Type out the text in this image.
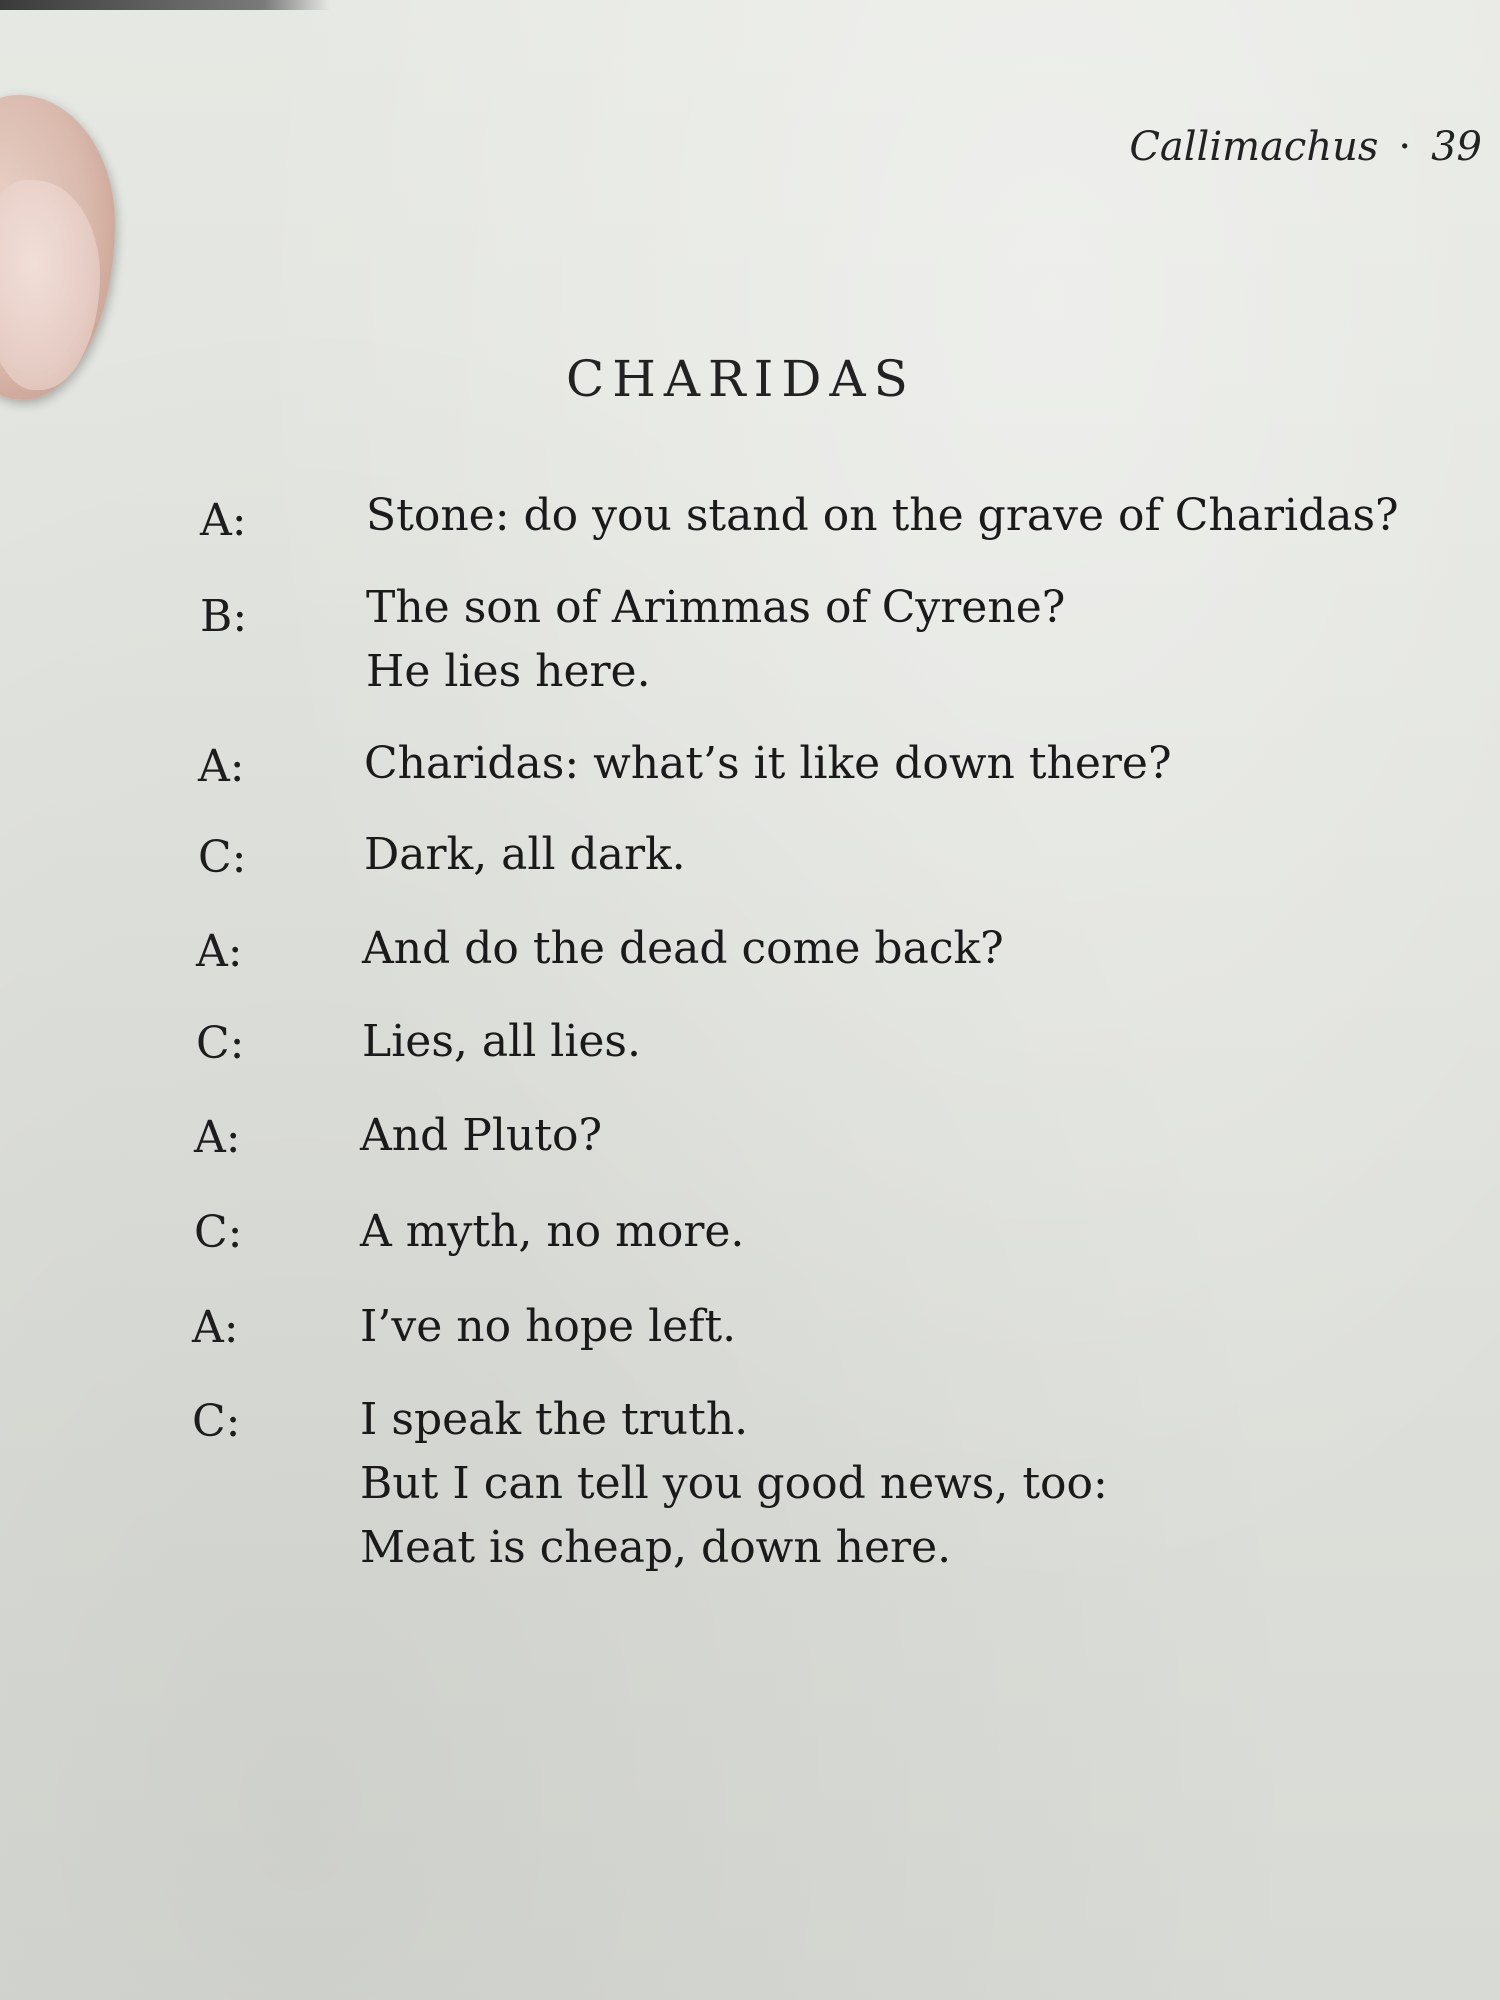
Callimachus · 39
CHARIDAS
A:	Stone: do you stand on the grave of Charidas?
B:	The son of Arimmas of Cyrene?
He lies here.
A:	Charidas: what’s it like down there?
C:	Dark, all dark.
A:	And do the dead come back?
C:	Lies, all lies.
A:	And Pluto?
C:	A myth, no more.
A:	I’ve no hope left.
C:	I speak the truth.
But I can tell you good news, too:
Meat is cheap, down here.
